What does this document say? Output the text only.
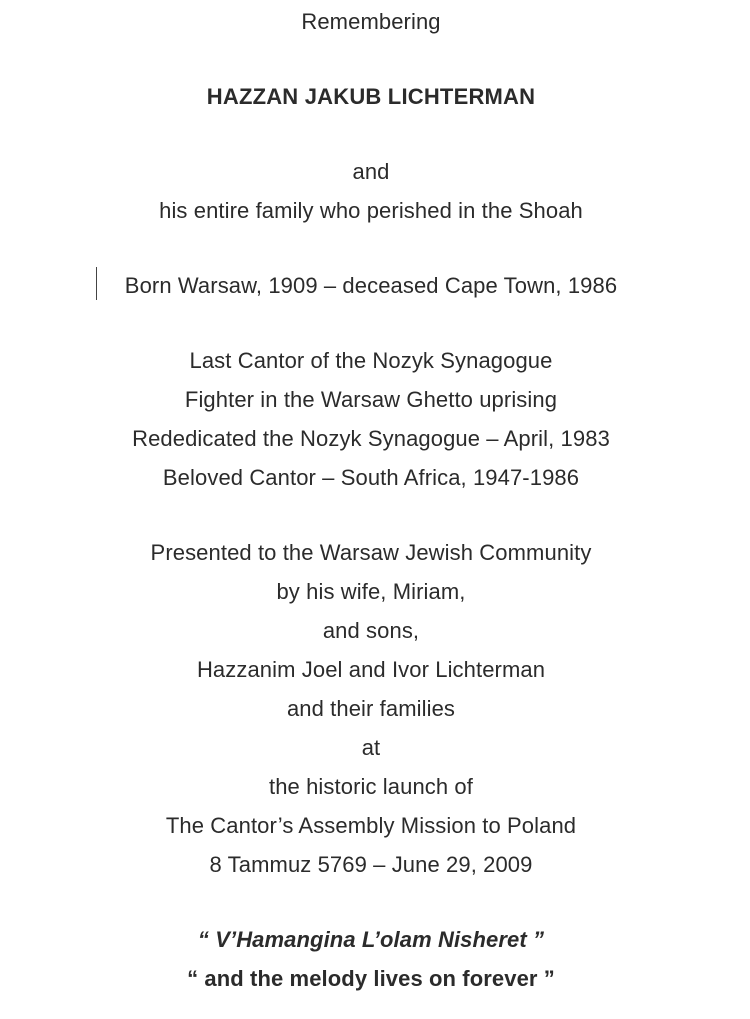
Remembering
HAZZAN JAKUB LICHTERMAN
and
his entire family who perished in the Shoah
Born Warsaw, 1909 – deceased Cape Town, 1986
Last Cantor of the Nozyk Synagogue
Fighter in the Warsaw Ghetto uprising
Rededicated the Nozyk Synagogue – April, 1983
Beloved Cantor – South Africa, 1947-1986
Presented to the Warsaw Jewish Community
by his wife, Miriam,
and sons,
Hazzanim Joel and Ivor Lichterman
and their families
at
the historic launch of
The Cantor’s Assembly Mission to Poland
8 Tammuz 5769 – June 29, 2009
“ V’Hamangina L’olam Nisheret ”
“ and the melody lives on forever ”
